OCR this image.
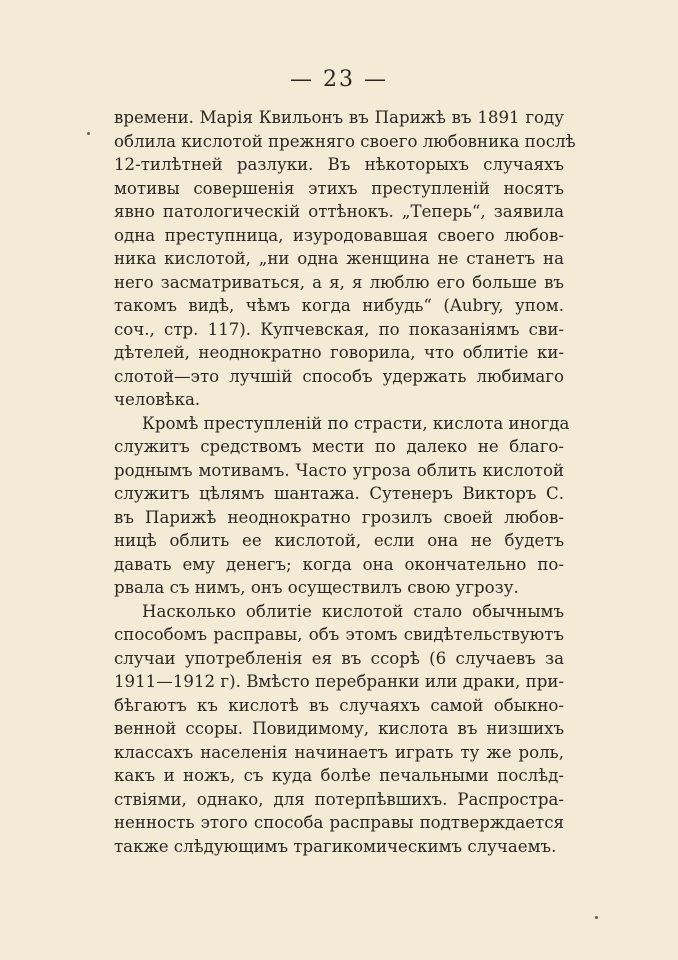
— 23 —
времени. Марія Квильонъ въ Парижѣ въ 1891 году
облила кислотой прежняго своего любовника послѣ
12-тилѣтней разлуки. Въ нѣкоторыхъ случаяхъ
мотивы совершенія этихъ преступленій носятъ
явно патологическій оттѣнокъ. „Теперь“, заявила
одна преступница, изуродовавшая своего любов-
ника кислотой, „ни одна женщина не станетъ на
него засматриваться, а я, я люблю его больше въ
такомъ видѣ, чѣмъ когда нибудь“ (Aubry, упом.
соч., стр. 117). Купчевская, по показаніямъ сви-
дѣтелей, неоднократно говорила, что облитіе ки-
слотой—это лучшій способъ удержать любимаго
человѣка.
Кромѣ преступленій по страсти, кислота иногда
служитъ средствомъ мести по далеко не благо-
роднымъ мотивамъ. Часто угроза облить кислотой
служитъ цѣлямъ шантажа. Сутенеръ Викторъ С.
въ Парижѣ неоднократно грозилъ своей любов-
ницѣ облить ее кислотой, если она не будетъ
давать ему денегъ; когда она окончательно по-
рвала съ нимъ, онъ осуществилъ свою угрозу.
Насколько облитіе кислотой стало обычнымъ
способомъ расправы, объ этомъ свидѣтельствуютъ
случаи употребленія ея въ ссорѣ (6 случаевъ за
1911—1912 г). Вмѣсто перебранки или драки, при-
бѣгаютъ къ кислотѣ въ случаяхъ самой обыкно-
венной ссоры. Повидимому, кислота въ низшихъ
классахъ населенія начинаетъ играть ту же роль,
какъ и ножъ, съ куда болѣе печальными послѣд-
ствіями, однако, для потерпѣвшихъ. Распростра-
ненность этого способа расправы подтверждается
также слѣдующимъ трагикомическимъ случаемъ.
